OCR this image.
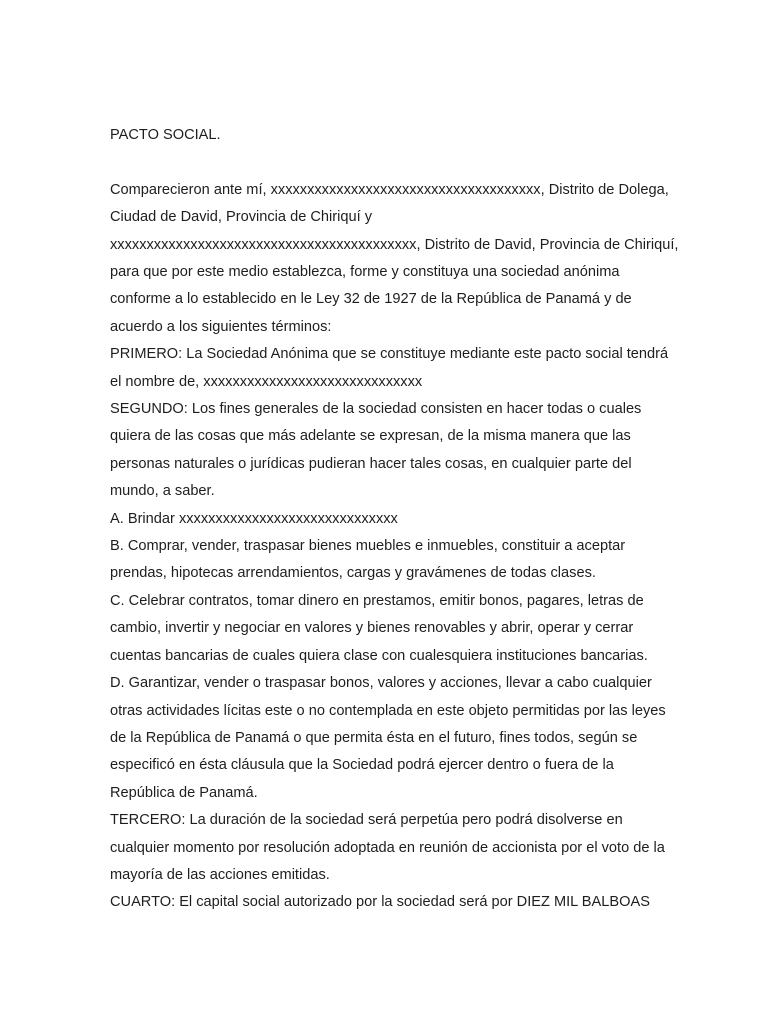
PACTO SOCIAL.

Comparecieron ante mí, xxxxxxxxxxxxxxxxxxxxxxxxxxxxxxxxxxxxx, Distrito de Dolega,

Ciudad de David, Provincia de Chiriquí y

xxxxxxxxxxxxxxxxxxxxxxxxxxxxxxxxxxxxxxxxxx, Distrito de David, Provincia de Chiriquí,

para que por este medio establezca, forme y constituya una sociedad anónima

conforme a lo establecido en le Ley 32 de 1927 de la República de Panamá y de

acuerdo a los siguientes términos:

PRIMERO: La Sociedad Anónima que se constituye mediante este pacto social tendrá

el nombre de, xxxxxxxxxxxxxxxxxxxxxxxxxxxxxx

SEGUNDO: Los fines generales de la sociedad consisten en hacer todas o cuales

quiera de las cosas que más adelante se expresan, de la misma manera que las

personas naturales o jurídicas pudieran hacer tales cosas, en cualquier parte del

mundo, a saber.

A. Brindar xxxxxxxxxxxxxxxxxxxxxxxxxxxxxx

B. Comprar, vender, traspasar bienes muebles e inmuebles, constituir a aceptar

prendas, hipotecas arrendamientos, cargas y gravámenes de todas clases.

C. Celebrar contratos, tomar dinero en prestamos, emitir bonos, pagares, letras de

cambio, invertir y negociar en valores y bienes renovables y abrir, operar y cerrar

cuentas bancarias de cuales quiera clase con cualesquiera instituciones bancarias.

D. Garantizar, vender o traspasar bonos, valores y acciones, llevar a cabo cualquier

otras actividades lícitas este o no contemplada en este objeto permitidas por las leyes

de la República de Panamá o que permita ésta en el futuro, fines todos, según se

especificó en ésta cláusula que la Sociedad podrá ejercer dentro o fuera de la

República de Panamá.

TERCERO: La duración de la sociedad será perpetúa pero podrá disolverse en

cualquier momento por resolución adoptada en reunión de accionista por el voto de la

mayoría de las acciones emitidas.

CUARTO: El capital social autorizado por la sociedad será por DIEZ MIL BALBOAS
